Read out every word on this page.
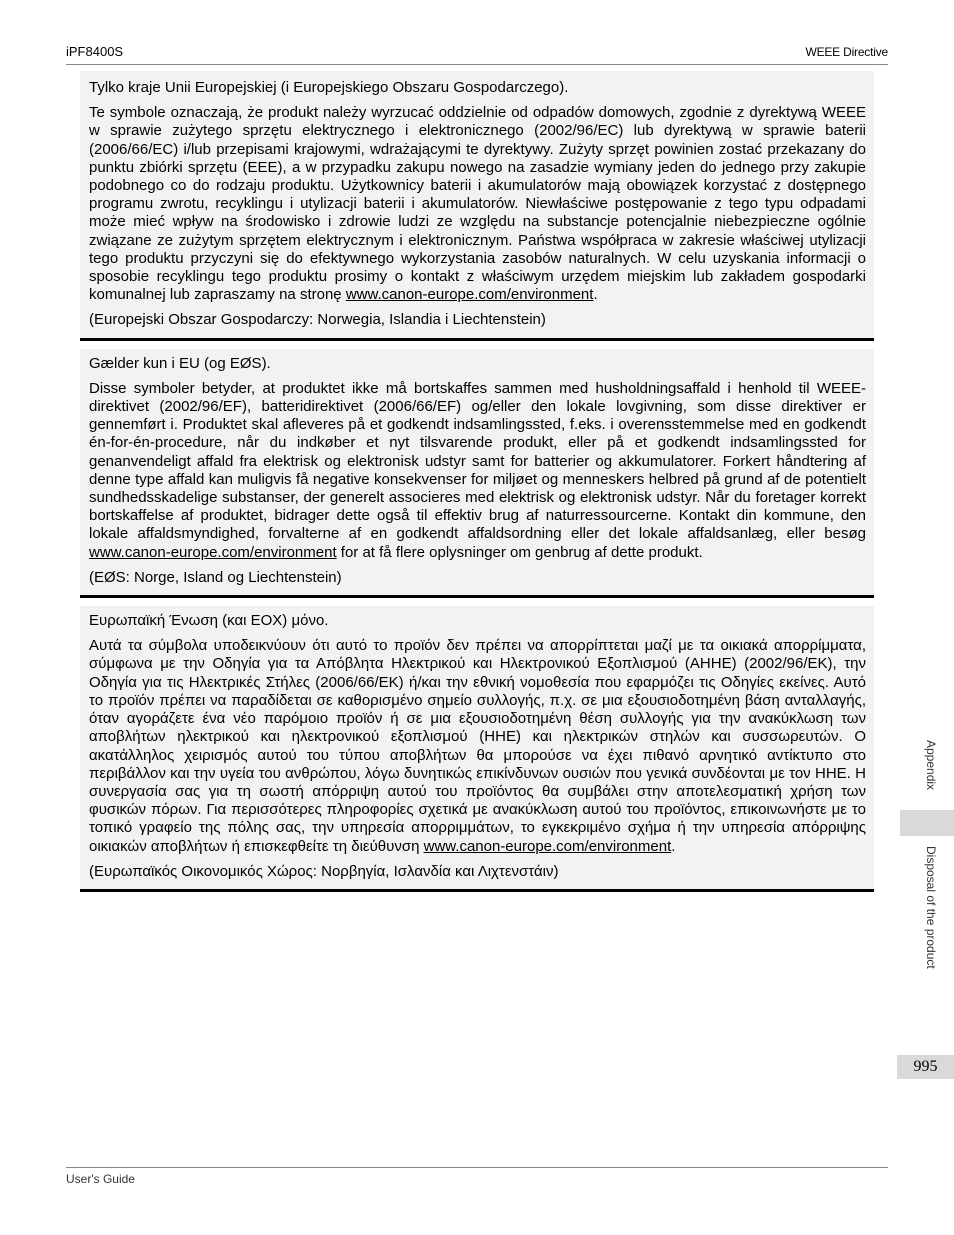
iPF8400S	WEEE Directive

Tylko kraje Unii Europejskiej (i Europejskiego Obszaru Gospodarczego).

Te symbole oznaczają, że produkt należy wyrzucać oddzielnie od odpadów domowych, zgodnie z dyrektywą WEEE w sprawie zużytego sprzętu elektrycznego i elektronicznego (2002/96/EC) lub dyrektywą w sprawie baterii (2006/66/EC) i/lub przepisami krajowymi, wdrażającymi te dyrektywy. Zużyty sprzęt powinien zostać przekazany do punktu zbiórki sprzętu (EEE), a w przypadku zakupu nowego na zasadzie wymiany jeden do jednego przy zakupie podobnego co do rodzaju produktu. Użytkownicy baterii i akumulatorów mają obowiązek korzystać z dostępnego programu zwrotu, recyklingu i utylizacji baterii i akumulatorów. Niewłaściwe postępowanie z tego typu odpadami może mieć wpływ na środowisko i zdrowie ludzi ze względu na substancje potencjalnie niebezpieczne ogólnie związane ze zużytym sprzętem elektrycznym i elektronicznym. Państwa współpraca w zakresie właściwej utylizacji tego produktu przyczyni się do efektywnego wykorzystania zasobów naturalnych. W celu uzyskania informacji o sposobie recyklingu tego produktu prosimy o kontakt z właściwym urzędem miejskim lub zakładem gospodarki komunalnej lub zapraszamy na stronę www.canon-europe.com/environment.

(Europejski Obszar Gospodarczy: Norwegia, Islandia i Liechtenstein)

Gælder kun i EU (og EØS).

Disse symboler betyder, at produktet ikke må bortskaffes sammen med husholdningsaffald i henhold til WEEE-direktivet (2002/96/EF), batteridirektivet (2006/66/EF) og/eller den lokale lovgivning, som disse direktiver er gennemført i. Produktet skal afleveres på et godkendt indsamlingssted, f.eks. i overensstemmelse med en godkendt én-for-én-procedure, når du indkøber et nyt tilsvarende produkt, eller på et godkendt indsamlingssted for genanvendeligt affald fra elektrisk og elektronisk udstyr samt for batterier og akkumulatorer. Forkert håndtering af denne type affald kan muligvis få negative konsekvenser for miljøet og menneskers helbred på grund af de potentielt sundhedsskadelige substanser, der generelt associeres med elektrisk og elektronisk udstyr. Når du foretager korrekt bortskaffelse af produktet, bidrager dette også til effektiv brug af naturressourcerne. Kontakt din kommune, den lokale affaldsmyndighed, forvalterne af en godkendt affaldsordning eller det lokale affaldsanlæg, eller besøg www.canon-europe.com/environment for at få flere oplysninger om genbrug af dette produkt.

(EØS: Norge, Island og Liechtenstein)

Ευρωπαϊκή Ένωση (και ΕΟΧ) μόνο.

Αυτά τα σύμβολα υποδεικνύουν ότι αυτό το προϊόν δεν πρέπει να απορρίπτεται μαζί με τα οικιακά απορρίμματα, σύμφωνα με την Οδηγία για τα Απόβλητα Ηλεκτρικού και Ηλεκτρονικού Εξοπλισμού (ΑΗΗΕ) (2002/96/ΕΚ), την Οδηγία για τις Ηλεκτρικές Στήλες (2006/66/ΕΚ) ή/και την εθνική νομοθεσία που εφαρμόζει τις Οδηγίες εκείνες. Αυτό το προϊόν πρέπει να παραδίδεται σε καθορισμένο σημείο συλλογής, π.χ. σε μια εξουσιοδοτημένη βάση ανταλλαγής, όταν αγοράζετε ένα νέο παρόμοιο προϊόν ή σε μια εξουσιοδοτημένη θέση συλλογής για την ανακύκλωση των αποβλήτων ηλεκτρικού και ηλεκτρονικού εξοπλισμού (ΗΗΕ) και ηλεκτρικών στηλών και συσσωρευτών. Ο ακατάλληλος χειρισμός αυτού του τύπου αποβλήτων θα μπορούσε να έχει πιθανό αρνητικό αντίκτυπο στο περιβάλλον και την υγεία του ανθρώπου, λόγω δυνητικώς επικίνδυνων ουσιών που γενικά συνδέονται με τον ΗΗΕ. Η συνεργασία σας για τη σωστή απόρριψη αυτού του προϊόντος θα συμβάλει στην αποτελεσματική χρήση των φυσικών πόρων. Για περισσότερες πληροφορίες σχετικά με ανακύκλωση αυτού του προϊόντος, επικοινωνήστε με το τοπικό γραφείο της πόλης σας, την υπηρεσία απορριμμάτων, το εγκεκριμένο σχήμα ή την υπηρεσία απόρριψης οικιακών αποβλήτων ή επισκεφθείτε τη διεύθυνση www.canon-europe.com/environment.

(Ευρωπαϊκός Οικονομικός Χώρος: Νορβηγία, Ισλανδία και Λιχτενστάιν)

Appendix
Disposal of the product
995
User's Guide
